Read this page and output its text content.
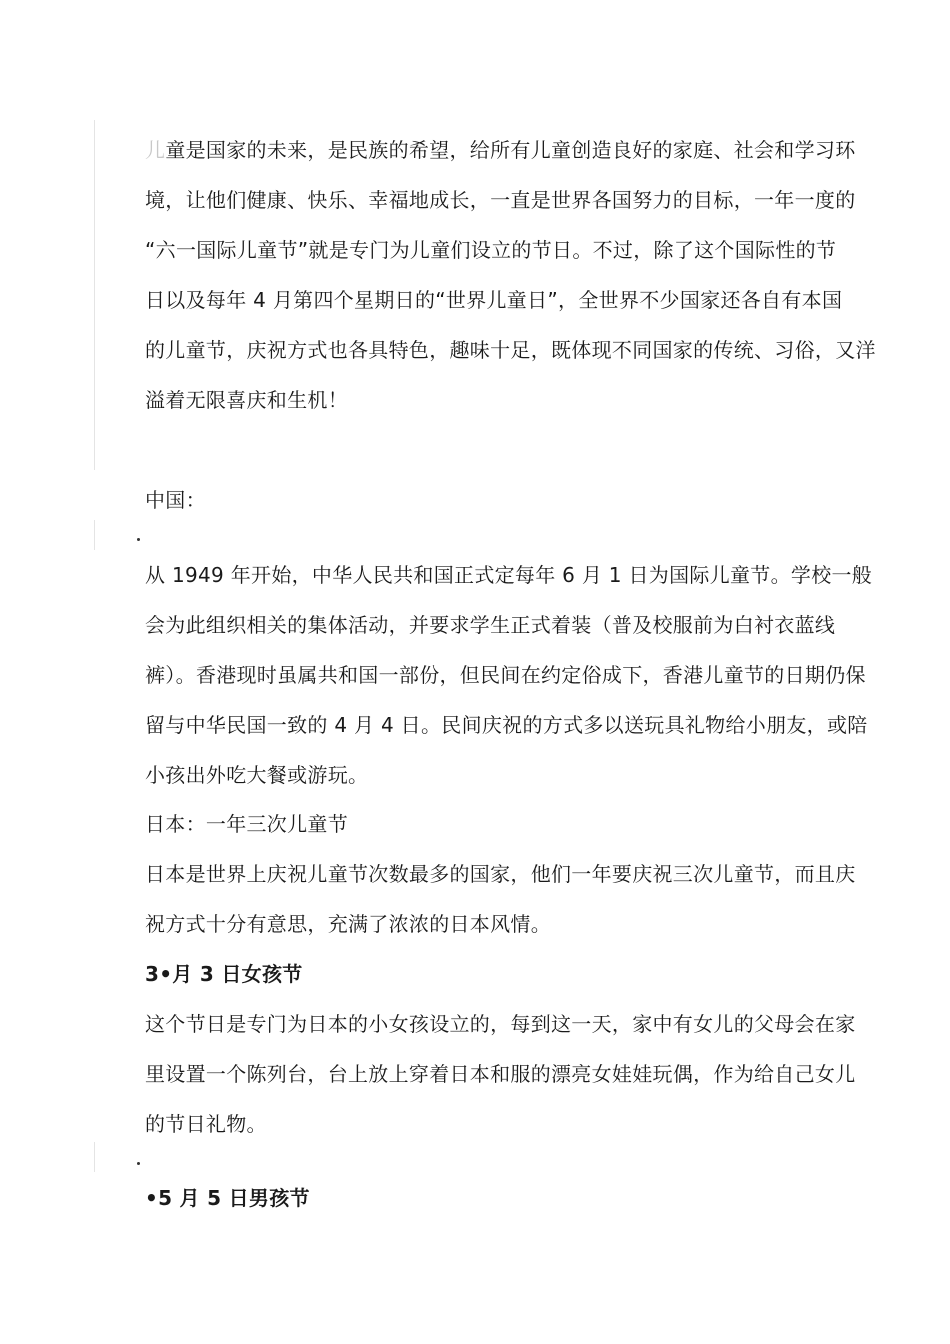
儿童是国家的未来，是民族的希望，给所有儿童创造良好的家庭、社会和学习环
境，让他们健康、快乐、幸福地成长，一直是世界各国努力的目标，一年一度的
“六一国际儿童节”就是专门为儿童们设立的节日。不过，除了这个国际性的节
日以及每年 4 月第四个星期日的“世界儿童日”，全世界不少国家还各自有本国
的儿童节，庆祝方式也各具特色，趣味十足，既体现不同国家的传统、习俗，又洋
溢着无限喜庆和生机！
中国：
从 1949 年开始，中华人民共和国正式定每年 6 月 1 日为国际儿童节。学校一般
会为此组织相关的集体活动，并要求学生正式着装（普及校服前为白衬衣蓝线
裤）。香港现时虽属共和国一部份，但民间在约定俗成下，香港儿童节的日期仍保
留与中华民国一致的 4 月 4 日。民间庆祝的方式多以送玩具礼物给小朋友，或陪
小孩出外吃大餐或游玩。
日本：一年三次儿童节
日本是世界上庆祝儿童节次数最多的国家，他们一年要庆祝三次儿童节，而且庆
祝方式十分有意思，充满了浓浓的日本风情。
3•月 3 日女孩节
这个节日是专门为日本的小女孩设立的，每到这一天，家中有女儿的父母会在家
里设置一个陈列台，台上放上穿着日本和服的漂亮女娃娃玩偶，作为给自己女儿
的节日礼物。
•5 月 5 日男孩节
